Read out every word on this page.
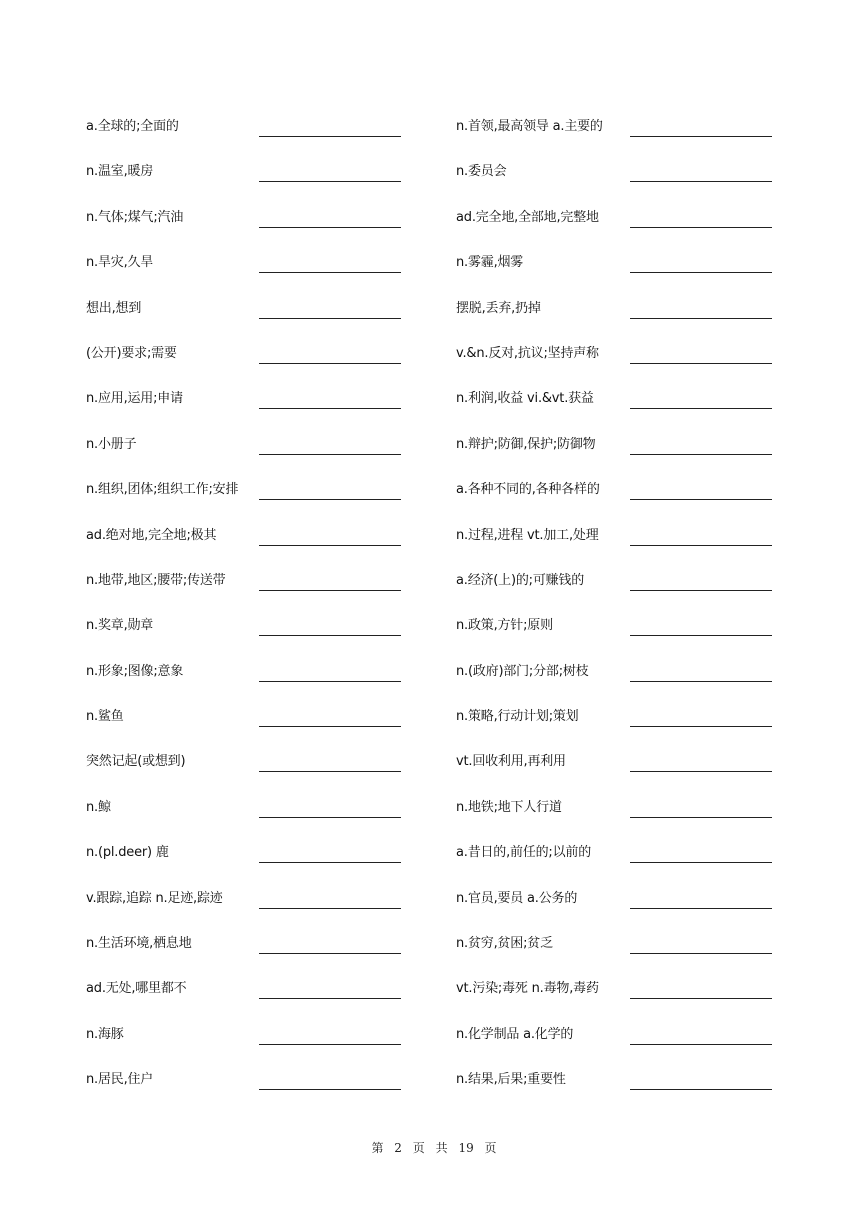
a.全球的;全面的	n.首领,最高领导 a.主要的
n.温室,暖房	n.委员会
n.气体;煤气;汽油	ad.完全地,全部地,完整地
n.旱灾,久旱	n.雾霾,烟雾
想出,想到	摆脱,丢弃,扔掉
(公开)要求;需要	v.&n.反对,抗议;坚持声称
n.应用,运用;申请	n.利润,收益 vi.&vt.获益
n.小册子	n.辩护;防御,保护;防御物
n.组织,团体;组织工作;安排	a.各种不同的,各种各样的
ad.绝对地,完全地;极其	n.过程,进程 vt.加工,处理
n.地带,地区;腰带;传送带	a.经济(上)的;可赚钱的
n.奖章,勋章	n.政策,方针;原则
n.形象;图像;意象	n.(政府)部门;分部;树枝
n.鲨鱼	n.策略,行动计划;策划
突然记起(或想到)	vt.回收利用,再利用
n.鲸	n.地铁;地下人行道
n.(pl.deer) 鹿	a.昔日的,前任的;以前的
v.跟踪,追踪 n.足迹,踪迹	n.官员,要员 a.公务的
n.生活环境,栖息地	n.贫穷,贫困;贫乏
ad.无处,哪里都不	vt.污染;毒死 n.毒物,毒药
n.海豚	n.化学制品 a.化学的
n.居民,住户	n.结果,后果;重要性
第 2 页 共 19 页
